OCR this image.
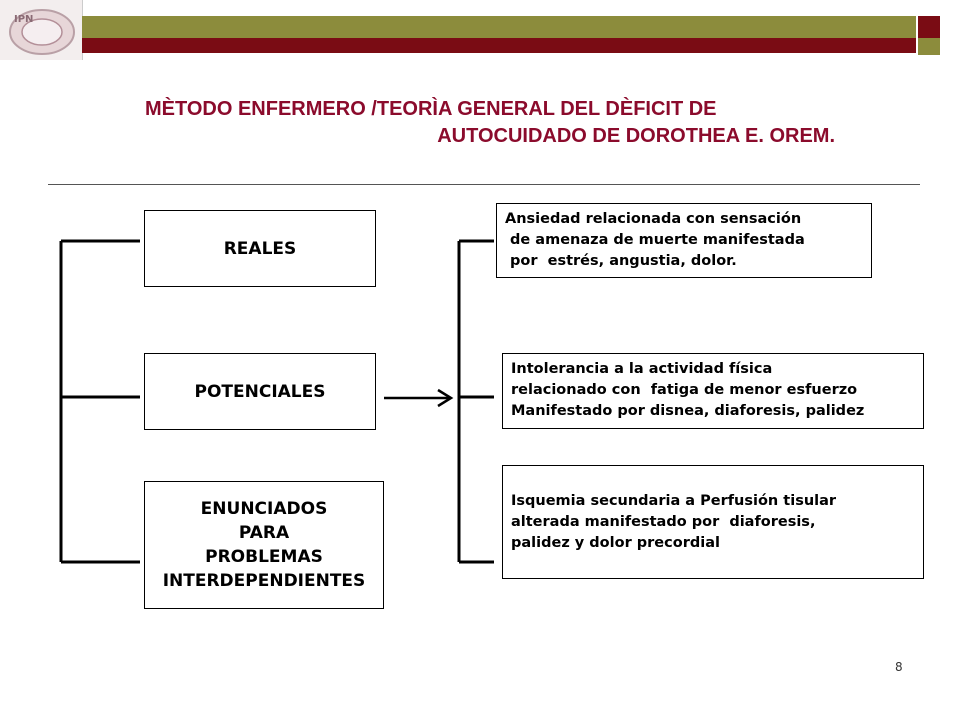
IPN
MÈTODO ENFERMERO /TEORÌA GENERAL DEL DÈFICIT DE
AUTOCUIDADO DE DOROTHEA E. OREM.
REALES
POTENCIALES
ENUNCIADOS
PARA
PROBLEMAS
INTERDEPENDIENTES
Ansiedad relacionada con sensación
de amenaza de muerte manifestada
por  estrés, angustia, dolor.
Intolerancia a la actividad física
relacionado con  fatiga de menor esfuerzo
Manifestado por disnea, diaforesis, palidez
Isquemia secundaria a Perfusión tisular
alterada manifestado por  diaforesis,
palidez y dolor precordial
8
